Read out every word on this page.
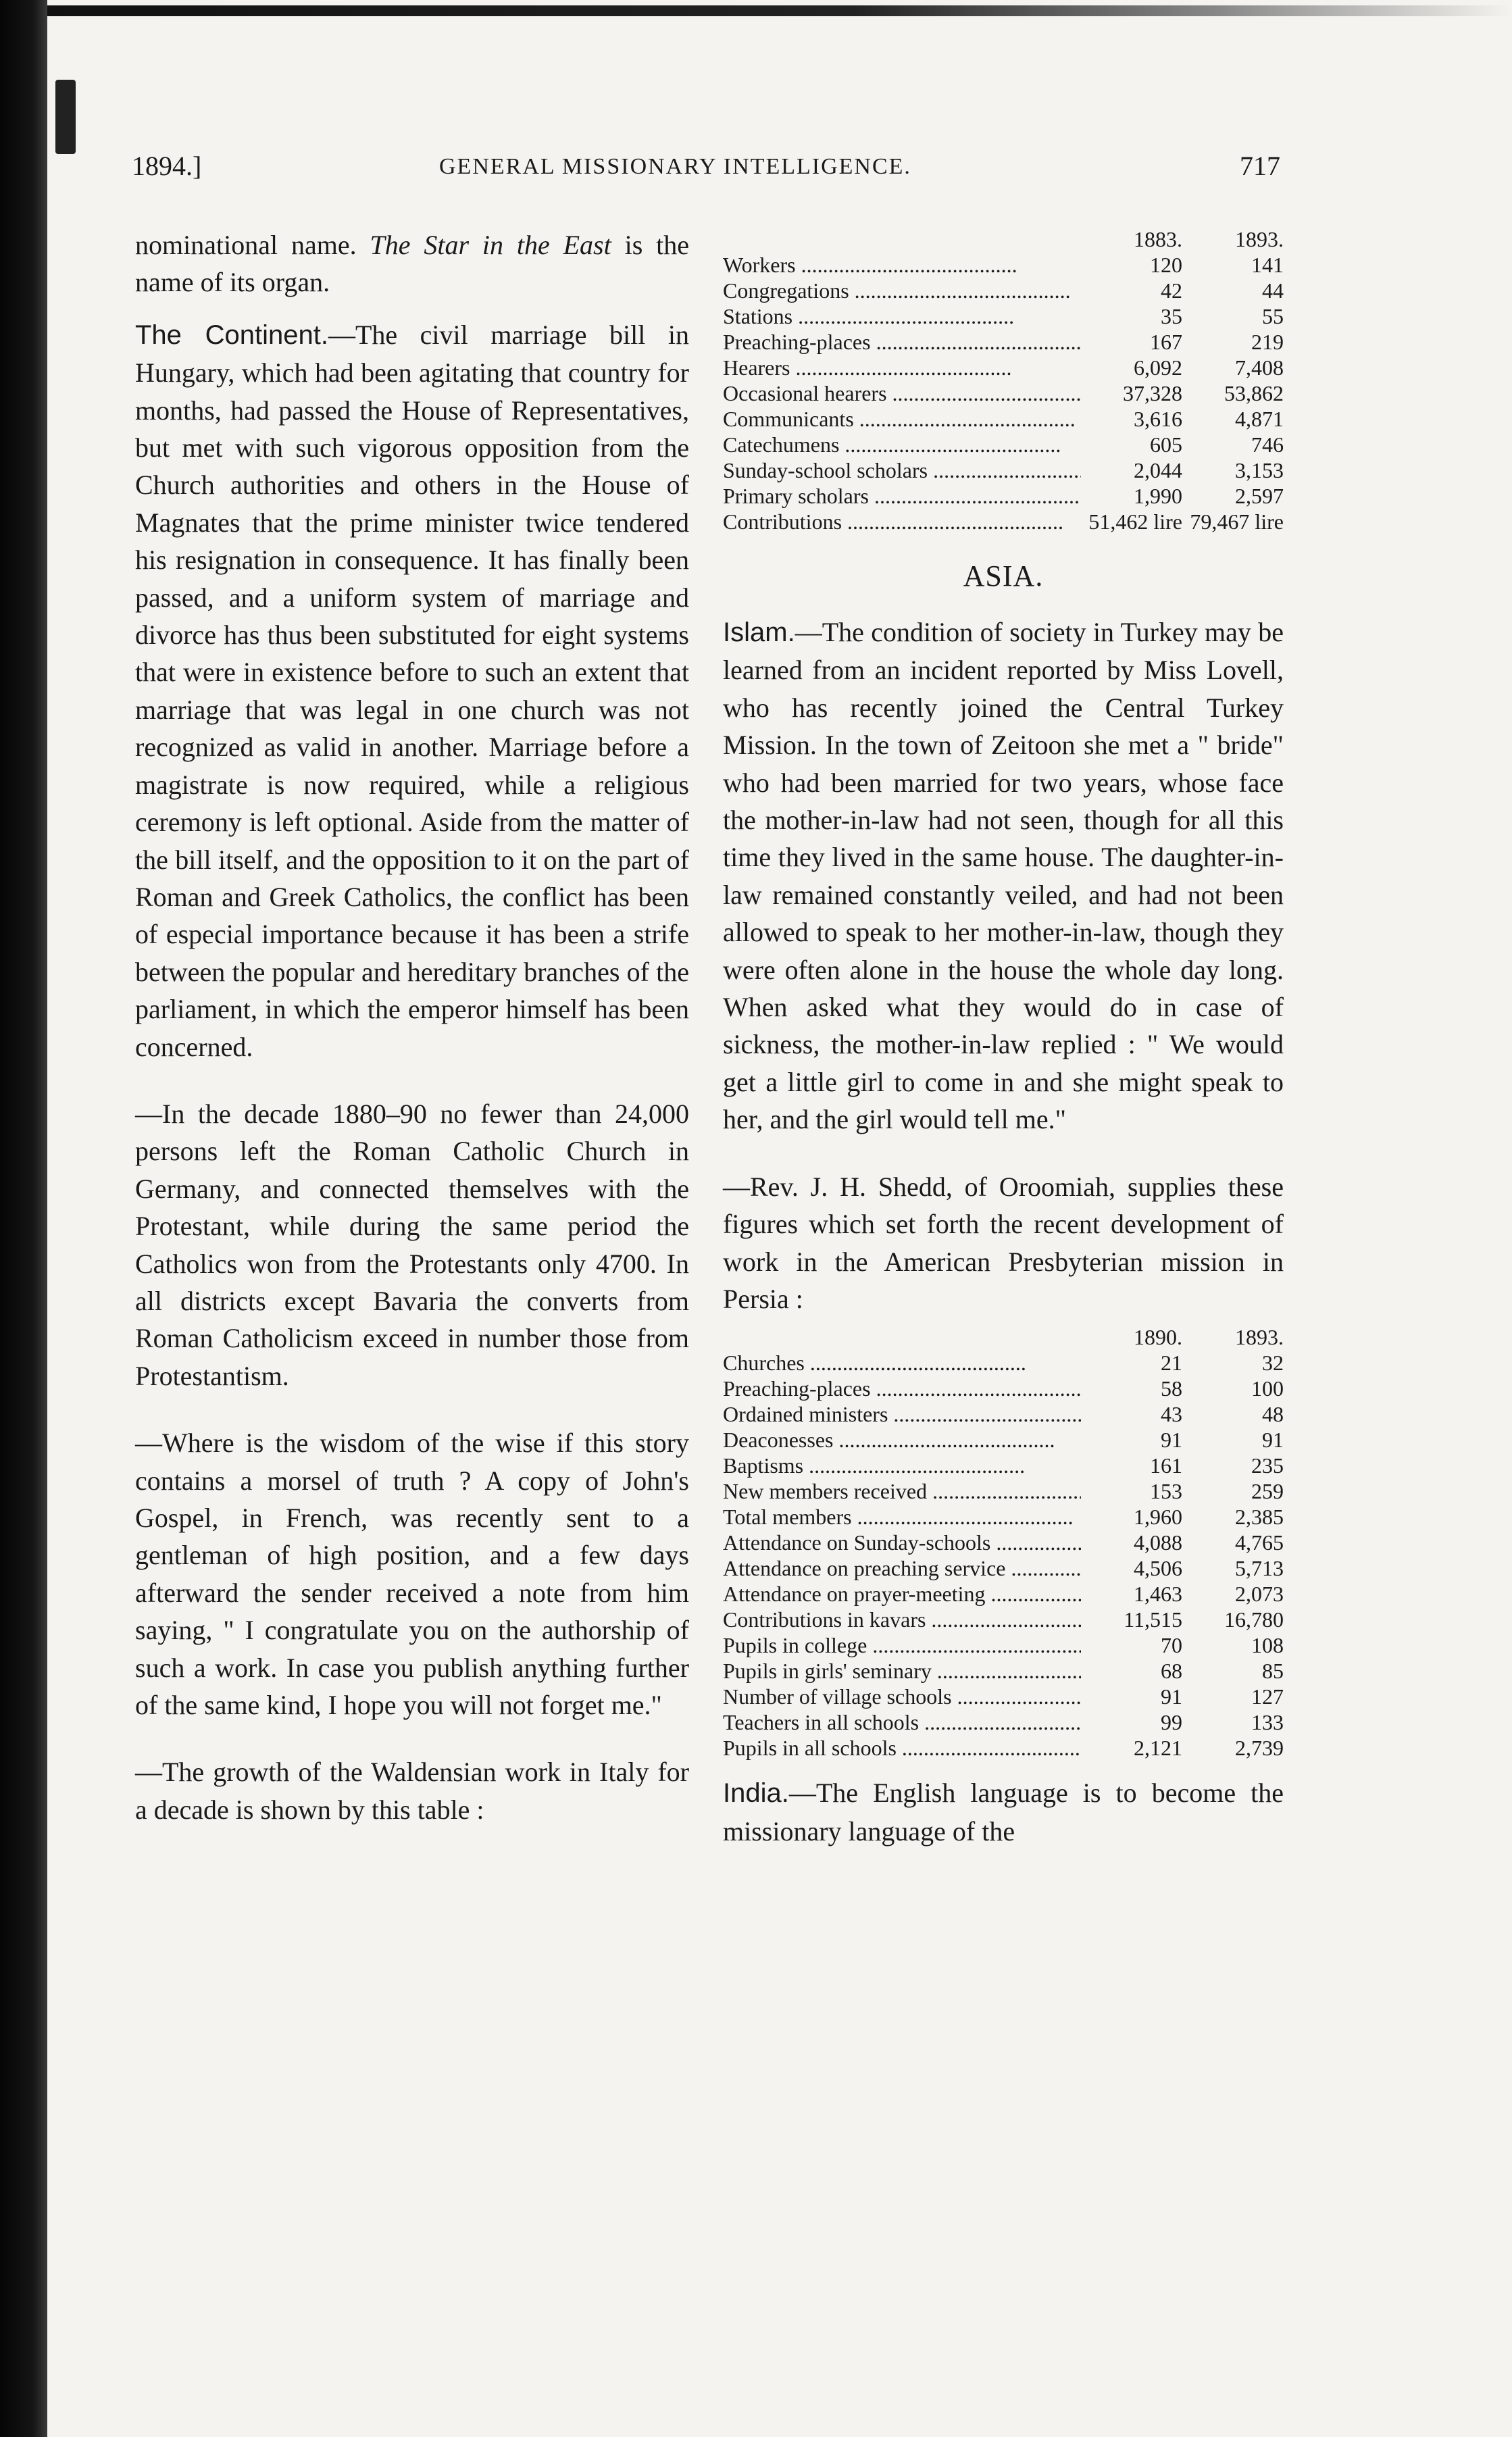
1894.]	GENERAL MISSIONARY INTELLIGENCE.	717

nominational name. The Star in the East is the name of its organ.

The Continent.—The civil marriage bill in Hungary, which had been agitating that country for months, had passed the House of Representatives, but met with such vigorous opposition from the Church authorities and others in the House of Magnates that the prime minister twice tendered his resignation in consequence. It has finally been passed, and a uniform system of marriage and divorce has thus been substituted for eight systems that were in existence before to such an extent that marriage that was legal in one church was not recognized as valid in another. Marriage before a magistrate is now required, while a religious ceremony is left optional. Aside from the matter of the bill itself, and the opposition to it on the part of Roman and Greek Catholics, the conflict has been of especial importance because it has been a strife between the popular and hereditary branches of the parliament, in which the emperor himself has been concerned.

—In the decade 1880–90 no fewer than 24,000 persons left the Roman Catholic Church in Germany, and connected themselves with the Protestant, while during the same period the Catholics won from the Protestants only 4700. In all districts except Bavaria the converts from Roman Catholicism exceed in number those from Protestantism.

—Where is the wisdom of the wise if this story contains a morsel of truth ? A copy of John's Gospel, in French, was recently sent to a gentleman of high position, and a few days afterward the sender received a note from him saying, " I congratulate you on the authorship of such a work. In case you publish anything further of the same kind, I hope you will not forget me."

—The growth of the Waldensian work in Italy for a decade is shown by this table :

	1883.	1893.
Workers .....	120	141
Congregations .....	42	44
Stations .....	35	55
Preaching-places .....	167	219
Hearers .....	6,092	7,408
Occasional hearers .....	37,328	53,862
Communicants .....	3,616	4,871
Catechumens .....	605	746
Sunday-school scholars .....	2,044	3,153
Primary scholars .....	1,990	2,597
Contributions .....	51,462 lire	79,467 lire
ASIA.

Islam.—The condition of society in Turkey may be learned from an incident reported by Miss Lovell, who has recently joined the Central Turkey Mission. In the town of Zeitoon she met a " bride" who had been married for two years, whose face the mother-in-law had not seen, though for all this time they lived in the same house. The daughter-in-law remained constantly veiled, and had not been allowed to speak to her mother-in-law, though they were often alone in the house the whole day long. When asked what they would do in case of sickness, the mother-in-law replied : " We would get a little girl to come in and she might speak to her, and the girl would tell me."

—Rev. J. H. Shedd, of Oroomiah, supplies these figures which set forth the recent development of work in the American Presbyterian mission in Persia :

	1890.	1893.
Churches .....	21	32
Preaching-places .....	58	100
Ordained ministers .....	43	48
Deaconesses .....	91	91
Baptisms .....	161	235
New members received .....	153	259
Total members .....	1,960	2,385
Attendance on Sunday-schools .....	4,088	4,765
Attendance on preaching service .....	4,506	5,713
Attendance on prayer-meeting .....	1,463	2,073
Contributions in kavars .....	11,515	16,780
Pupils in college .....	70	108
Pupils in girls' seminary .....	68	85
Number of village schools .....	91	127
Teachers in all schools .....	99	133
Pupils in all schools .....	2,121	2,739

India.—The English language is to become the missionary language of the
